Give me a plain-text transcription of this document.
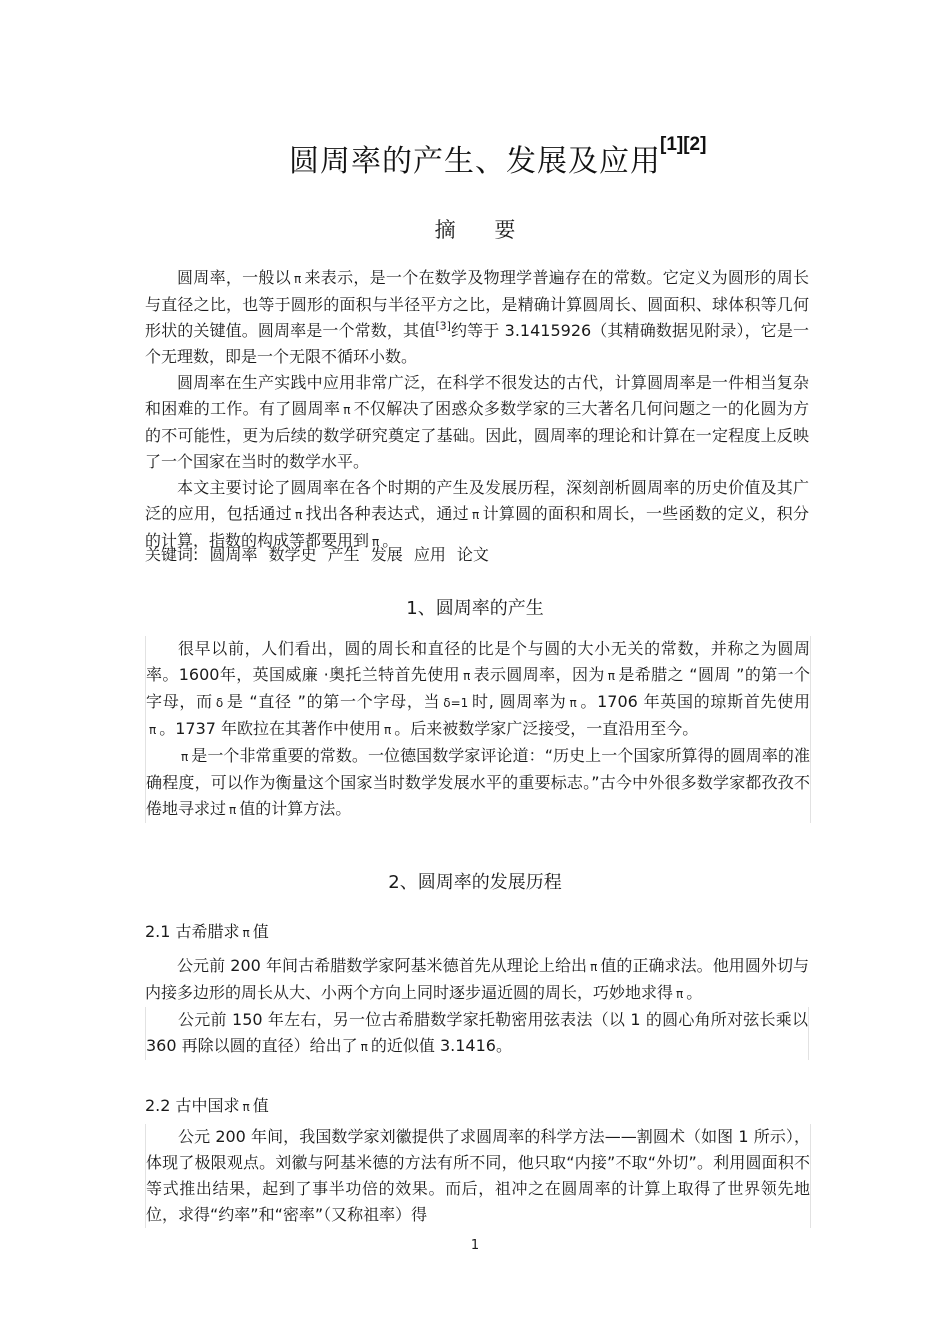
圆周率的产生、发展及应用 [1][2]
摘 要

圆周率，一般以 π 来表示，是一个在数学及物理学普遍存在的常数。它定义为圆形的周长与直径之比，也等于圆形的面积与半径平方之比，是精确计算圆周长、圆面积、球体积等几何形状的关键值。圆周率是一个常数，其值[3]约等于 3.1415926（其精确数据见附录），它是一个无理数，即是一个无限不循环小数。

圆周率在生产实践中应用非常广泛，在科学不很发达的古代，计算圆周率是一件相当复杂和困难的工作。有了圆周率 π 不仅解决了困惑众多数学家的三大著名几何问题之一的化圆为方的不可能性，更为后续的数学研究奠定了基础。因此，圆周率的理论和计算在一定程度上反映了一个国家在当时的数学水平。

本文主要讨论了圆周率在各个时期的产生及发展历程，深刻剖析圆周率的历史价值及其广泛的应用，包括通过 π 找出各种表达式，通过 π 计算圆的面积和周长，一些函数的定义，积分的计算，指数的构成等都要用到 π 。

关键词: 圆周率 数学史 产生 发展 应用 论文
1、圆周率的产生

很早以前，人们看出，圆的周长和直径的比是个与圆的大小无关的常数，并称之为圆周率。1600年，英国威廉 ·奥托兰特首先使用 π 表示圆周率，因为 π 是希腊之 “圆周 ”的第一个字母，而 δ 是 “直径 ”的第一个字母，当 δ=1 时, 圆周率为 π 。1706 年英国的琼斯首先使用π 。1737 年欧拉在其著作中使用 π 。后来被数学家广泛接受，一直沿用至今。

π 是一个非常重要的常数。一位德国数学家评论道：“历史上一个国家所算得的圆周率的准确程度，可以作为衡量这个国家当时数学发展水平的重要标志。”古今中外很多数学家都孜孜不倦地寻求过 π 值的计算方法。

2、圆周率的发展历程
2.1 古希腊求 π 值

公元前 200 年间古希腊数学家阿基米德首先从理论上给出 π 值的正确求法。他用圆外切与内接多边形的周长从大、小两个方向上同时逐步逼近圆的周长，巧妙地求得 π 。

公元前 150 年左右，另一位古希腊数学家托勒密用弦表法（以 1 的圆心角所对弦长乘以 360 再除以圆的直径）给出了 π 的近似值 3.1416。

2.2 古中国求 π 值

公元 200 年间，我国数学家刘徽提供了求圆周率的科学方法——割圆术（如图 1 所示），体现了极限观点。刘徽与阿基米德的方法有所不同，他只取“内接”不取“外切”。利用圆面积不等式推出结果，起到了事半功倍的效果。而后，祖冲之在圆周率的计算上取得了世界领先地位，求得“约率”和“密率”（又称祖率）得

1
